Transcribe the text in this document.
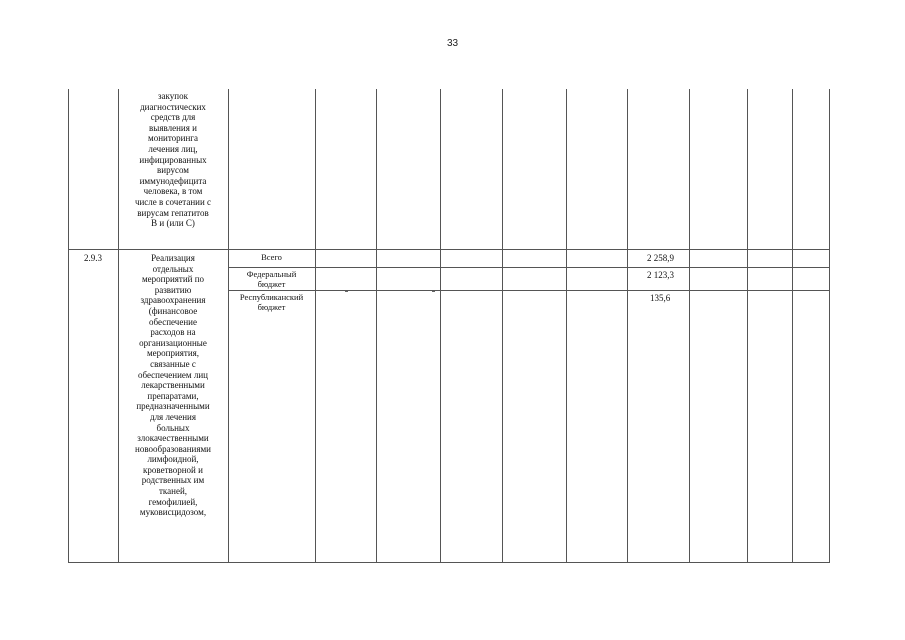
33
закупок
диагностических
средств для
выявления и
мониторинга
лечения лиц,
инфицированных
вирусом
иммунодефицита
человека, в том
числе в сочетании с
вирусам гепатитов
В и (или С)
2.9.3	Реализация
отдельных
мероприятий по
развитию
здравоохранения
(финансовое
обеспечение
расходов на
организационные
мероприятия,
связанные с
обеспечением лиц
лекарственными
препаратами,
предназначенными
для лечения
больных
злокачественными
новообразованиями
лимфоидной,
кроветворной и
родственных им
тканей,
гемофилией,
муковисцидозом,
Всего
Федеральный
бюджет
Республиканский
бюджет
2 258,9
2 123,3
135,6
